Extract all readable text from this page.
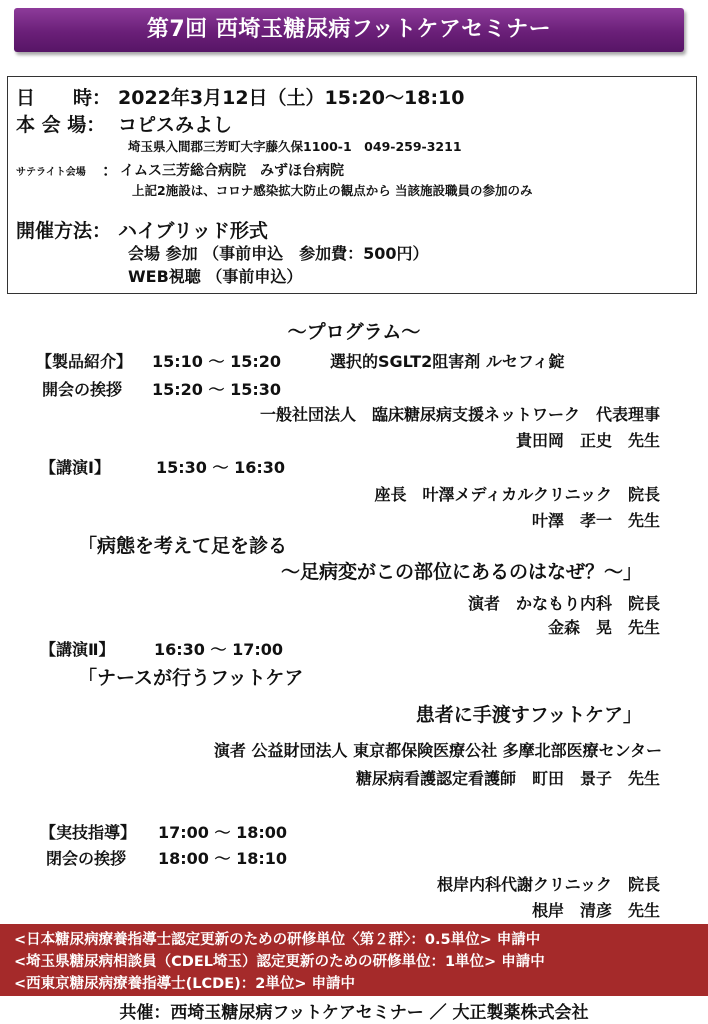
第7回 西埼玉糖尿病フットケアセミナー
日　　時： 2022年3月12日（土）15:20～18:10
本 会 場： コピスみよし
埼玉県入間郡三芳町大字藤久保1100-1　049-259-3211
サテライト会場 ： イムス三芳総合病院　みずほ台病院
上記2施設は、コロナ感染拡大防止の観点から 当該施設職員の参加のみ
開催方法： ハイブリッド形式
会場 参加 （事前申込　参加費：500円）
WEB視聴 （事前申込）
～プログラム～
【製品紹介】 15:10 ～ 15:20	選択的SGLT2阻害剤 ルセフィ錠
開会の挨拶 15:20 ～ 15:30
一般社団法人　臨床糖尿病支援ネットワーク　代表理事
貴田岡　正史　先生
【講演Ⅰ】	15:30 ～ 16:30
座長　叶澤メディカルクリニック　院長
叶澤　孝一　先生
「病態を考えて足を診る
～足病変がこの部位にあるのはなぜ？～」
演者　かなもり内科　院長
金森　晃　先生
【講演Ⅱ】 16:30 ～ 17:00
「ナースが行うフットケア
患者に手渡すフットケア」
演者 公益財団法人 東京都保険医療公社 多摩北部医療センター
糖尿病看護認定看護師　町田　景子　先生
【実技指導】 17:00 ～ 18:00
閉会の挨拶 18:00 ～ 18:10
根岸内科代謝クリニック　院長
根岸　清彦　先生
<日本糖尿病療養指導士認定更新のための研修単位〈第２群〉：0.5単位> 申請中
<埼玉県糖尿病相談員（CDEL埼玉）認定更新のための研修単位：1単位> 申請中
<西東京糖尿病療養指導士(LCDE)：2単位> 申請中
共催：西埼玉糖尿病フットケアセミナー ／ 大正製薬株式会社
